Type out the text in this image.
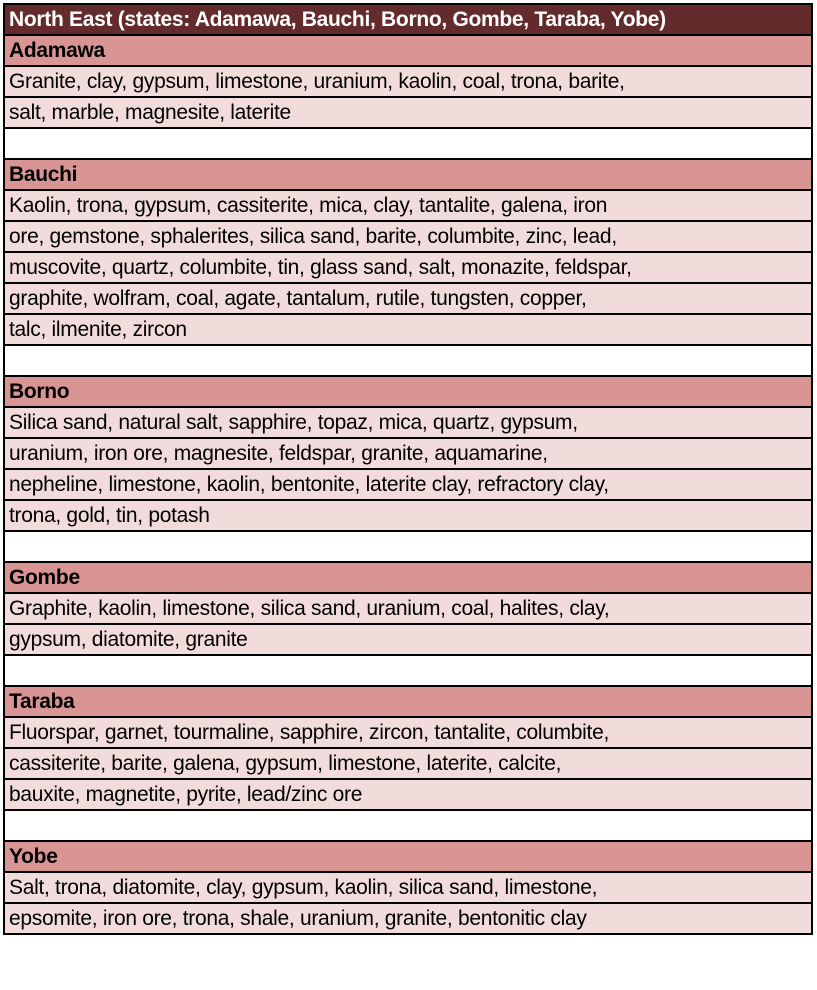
North East (states: Adamawa, Bauchi, Borno, Gombe, Taraba, Yobe)
Adamawa
Granite, clay, gypsum, limestone, uranium, kaolin, coal, trona, barite,
salt, marble, magnesite, laterite

Bauchi
Kaolin, trona, gypsum, cassiterite, mica, clay, tantalite, galena, iron
ore, gemstone, sphalerites, silica sand, barite, columbite, zinc, lead,
muscovite, quartz, columbite, tin, glass sand, salt, monazite, feldspar,
graphite, wolfram, coal, agate, tantalum, rutile, tungsten, copper,
talc, ilmenite, zircon

Borno
Silica sand, natural salt, sapphire, topaz, mica, quartz, gypsum,
uranium, iron ore, magnesite, feldspar, granite, aquamarine,
nepheline, limestone, kaolin, bentonite, laterite clay, refractory clay,
trona, gold, tin, potash

Gombe
Graphite, kaolin, limestone, silica sand, uranium, coal, halites, clay,
gypsum, diatomite, granite

Taraba
Fluorspar, garnet, tourmaline, sapphire, zircon, tantalite, columbite,
cassiterite, barite, galena, gypsum, limestone, laterite, calcite,
bauxite, magnetite, pyrite, lead/zinc ore

Yobe
Salt, trona, diatomite, clay, gypsum, kaolin, silica sand, limestone,
epsomite, iron ore, trona, shale, uranium, granite, bentonitic clay
